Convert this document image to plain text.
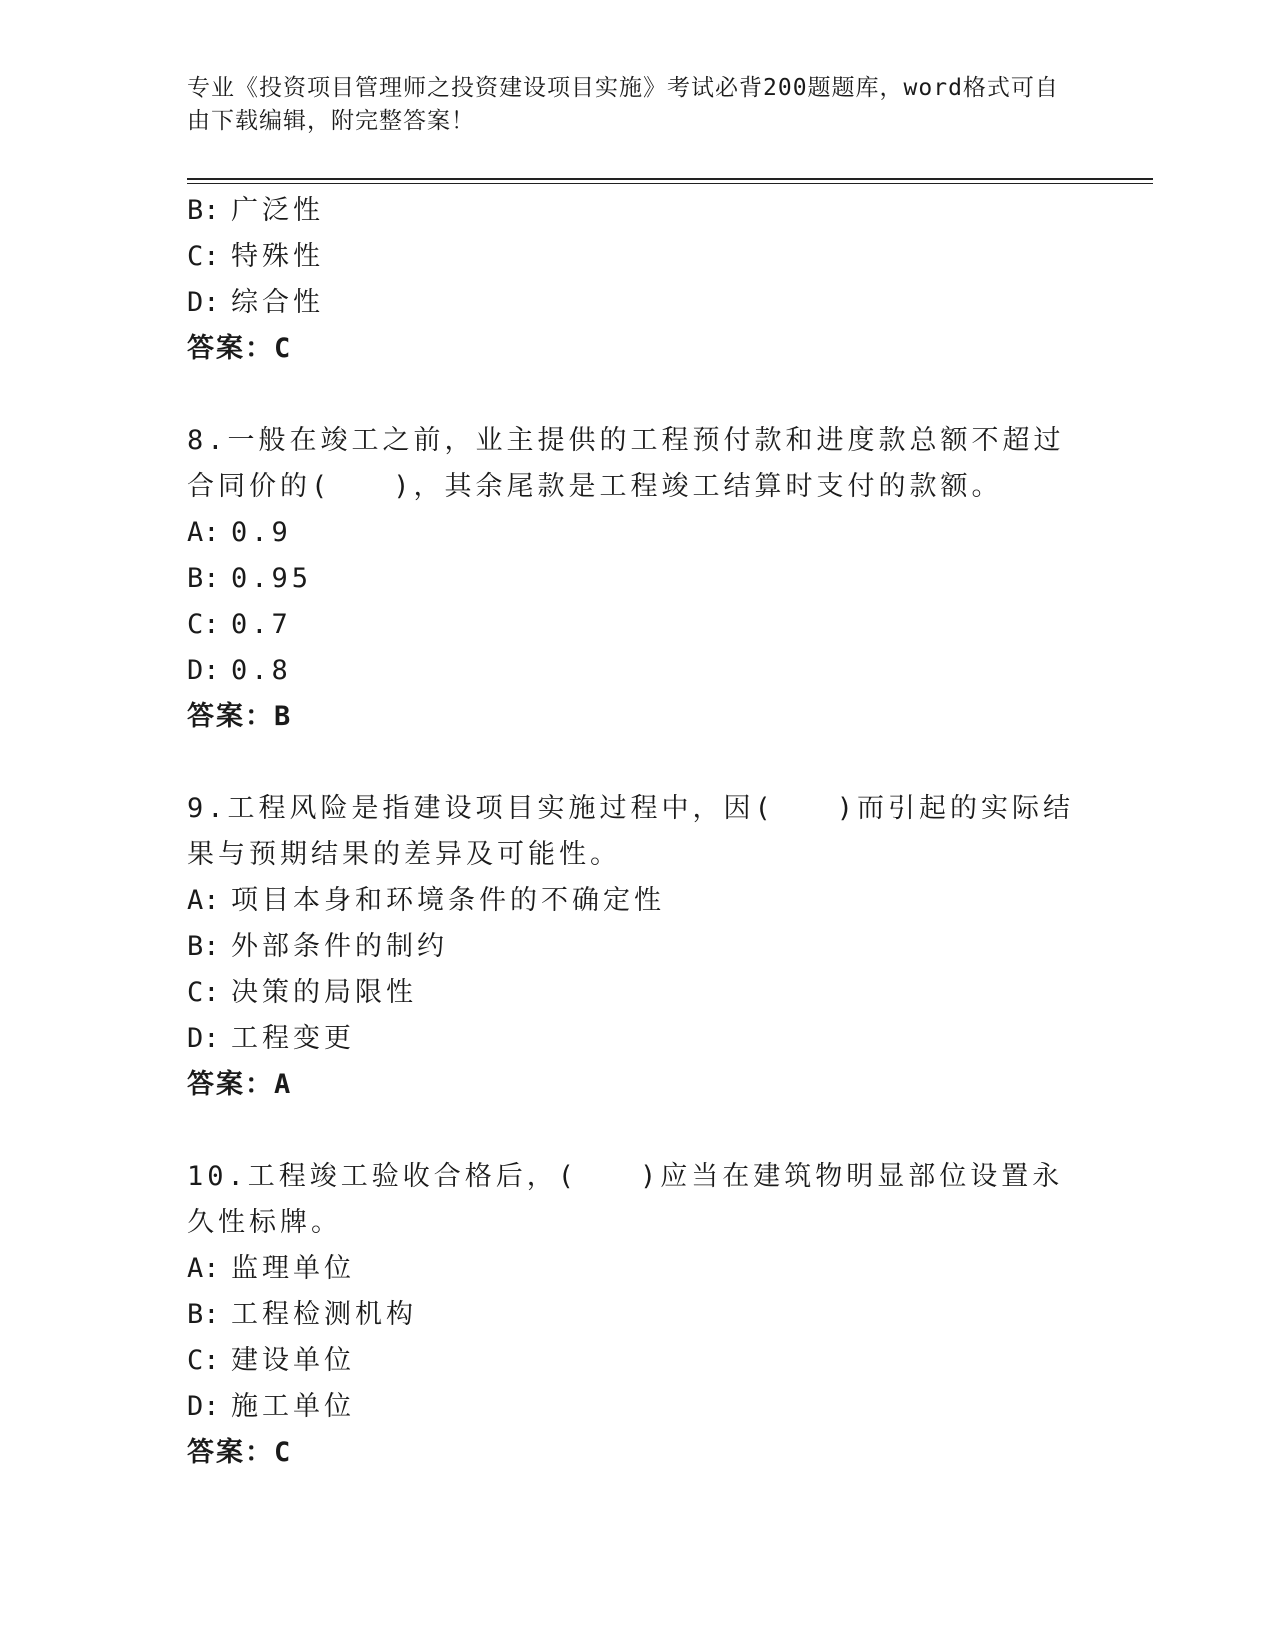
专业《投资项目管理师之投资建设项目实施》考试必背200题题库，word格式可自由下载编辑，附完整答案！
B: 广泛性
C: 特殊性
D: 综合性
答案：C
8.一般在竣工之前，业主提供的工程预付款和进度款总额不超过合同价的(　　)，其余尾款是工程竣工结算时支付的款额。
A: 0.9
B: 0.95
C: 0.7
D: 0.8
答案：B
9.工程风险是指建设项目实施过程中，因(　　)而引起的实际结果与预期结果的差异及可能性。
A: 项目本身和环境条件的不确定性
B: 外部条件的制约
C: 决策的局限性
D: 工程变更
答案：A
10.工程竣工验收合格后，(　　)应当在建筑物明显部位设置永久性标牌。
A: 监理单位
B: 工程检测机构
C: 建设单位
D: 施工单位
答案：C
